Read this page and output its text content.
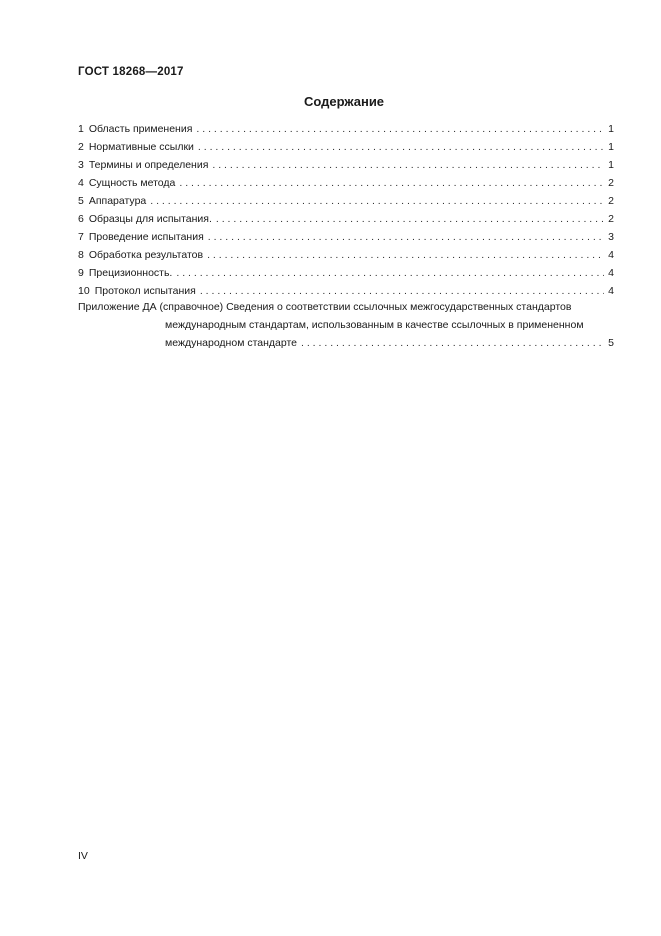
ГОСТ 18268—2017
Содержание
1 Область применения . . .	1
2 Нормативные ссылки . . .	1
3 Термины и определения . . .	1
4 Сущность метода . . .	2
5 Аппаратура . . .	2
6 Образцы для испытания. . . .	2
7 Проведение испытания . . .	3
8 Обработка результатов . . .	4
9 Прецизионность. . . .	4
10 Протокол испытания . . .	4
Приложение ДА (справочное) Сведения о соответствии ссылочных межгосударственных стандартов
международным стандартам, использованным в качестве ссылочных в примененном
международном стандарте . . .	5
IV
